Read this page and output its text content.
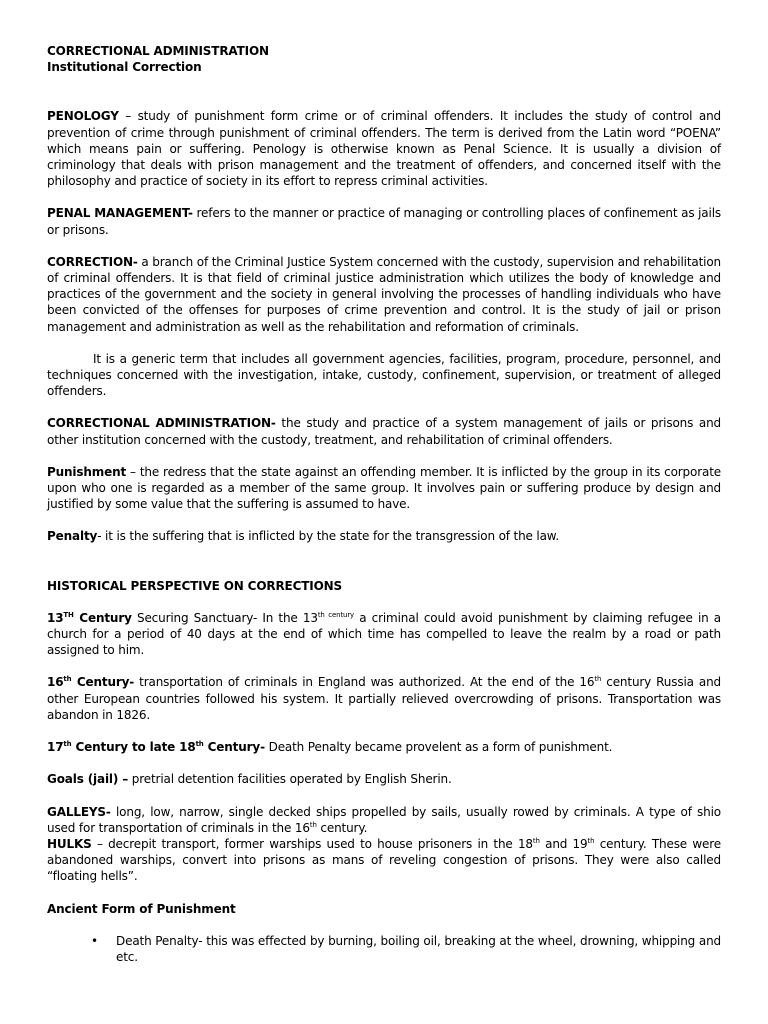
CORRECTIONAL ADMINISTRATION

Institutional Correction

PENOLOGY – study of punishment form crime or of criminal offenders. It includes the study of control and prevention of crime through punishment of criminal offenders. The term is derived from the Latin word “POENA” which means pain or suffering. Penology is otherwise known as Penal Science. It is usually a division of criminology that deals with prison management and the treatment of offenders, and concerned itself with the philosophy and practice of society in its effort to repress criminal activities.

PENAL MANAGEMENT- refers to the manner or practice of managing or controlling places of confinement as jails or prisons.

CORRECTION- a branch of the Criminal Justice System concerned with the custody, supervision and rehabilitation of criminal offenders. It is that field of criminal justice administration which utilizes the body of knowledge and practices of the government and the society in general involving the processes of handling individuals who have been convicted of the offenses for purposes of crime prevention and control. It is the study of jail or prison management and administration as well as the rehabilitation and reformation of criminals.

It is a generic term that includes all government agencies, facilities, program, procedure, personnel, and techniques concerned with the investigation, intake, custody, confinement, supervision, or treatment of alleged offenders.

CORRECTIONAL ADMINISTRATION- the study and practice of a system management of jails or prisons and other institution concerned with the custody, treatment, and rehabilitation of criminal offenders.

Punishment – the redress that the state against an offending member. It is inflicted by the group in its corporate upon who one is regarded as a member of the same group. It involves pain or suffering produce by design and justified by some value that the suffering is assumed to have.

Penalty- it is the suffering that is inflicted by the state for the transgression of the law.

HISTORICAL PERSPECTIVE ON CORRECTIONS

13TH Century Securing Sanctuary- In the $13^{th century}$ a criminal could avoid punishment by claiming refugee in a church for a period of 40 days at the end of which time has compelled to leave the realm by a road or path assigned to him.

16th Century- transportation of criminals in England was authorized. At the end of the 16th century Russia and other European countries followed his system. It partially relieved overcrowding of prisons. Transportation was abandon in 1826.

17th Century to late 18th Century- Death Penalty became provelent as a form of punishment.

Goals (jail) – pretrial detention facilities operated by English Sherin.

GALLEYS- long, low, narrow, single decked ships propelled by sails, usually rowed by criminals. A type of shio used for transportation of criminals in the 16th century.

HULKS – decrepit transport, former warships used to house prisoners in the 18th and 19th century. These were abandoned warships, convert into prisons as mans of reveling congestion of prisons. They were also called “floating hells”.

Ancient Form of Punishment

• Death Penalty- this was effected by burning, boiling oil, breaking at the wheel, drowning, whipping and etc.
